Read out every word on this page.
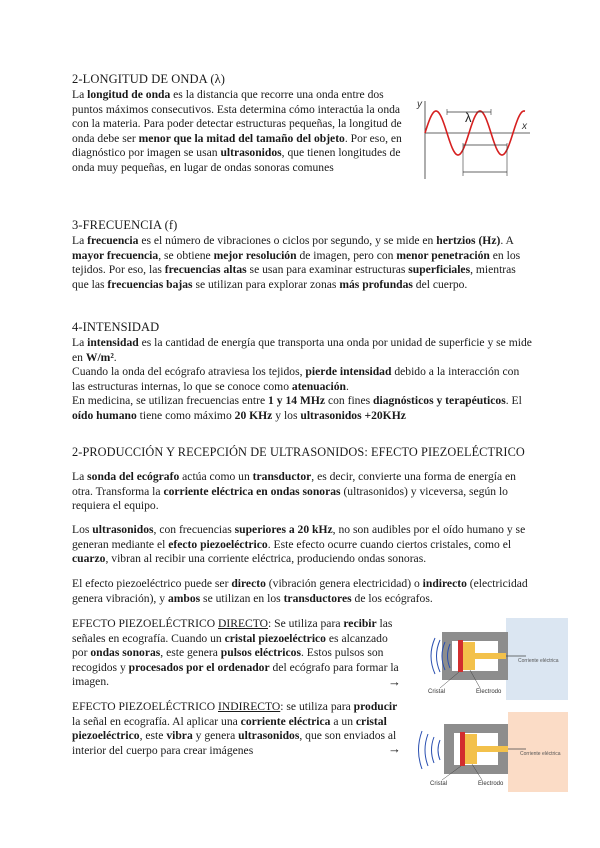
2-LONGITUD DE ONDA (λ)
La longitud de onda es la distancia que recorre una onda entre dos puntos máximos consecutivos. Esta determina cómo interactúa la onda con la materia. Para poder detectar estructuras pequeñas, la longitud de onda debe ser menor que la mitad del tamaño del objeto. Por eso, en diagnóstico por imagen se usan ultrasonidos, que tienen longitudes de onda muy pequeñas, en lugar de ondas sonoras comunes
y
x
λ
3-FRECUENCIA (f)
La frecuencia es el número de vibraciones o ciclos por segundo, y se mide en hertzios (Hz). A mayor frecuencia, se obtiene mejor resolución de imagen, pero con menor penetración en los tejidos. Por eso, las frecuencias altas se usan para examinar estructuras superficiales, mientras que las frecuencias bajas se utilizan para explorar zonas más profundas del cuerpo.
4-INTENSIDAD
La intensidad es la cantidad de energía que transporta una onda por unidad de superficie y se mide en W/m².
Cuando la onda del ecógrafo atraviesa los tejidos, pierde intensidad debido a la interacción con las estructuras internas, lo que se conoce como atenuación.
En medicina, se utilizan frecuencias entre 1 y 14 MHz con fines diagnósticos y terapéuticos. El oído humano tiene como máximo 20 KHz y los ultrasonidos +20KHz
2-PRODUCCIÓN Y RECEPCIÓN DE ULTRASONIDOS: EFECTO PIEZOELÉCTRICO
La sonda del ecógrafo actúa como un transductor, es decir, convierte una forma de energía en otra. Transforma la corriente eléctrica en ondas sonoras (ultrasonidos) y viceversa, según lo requiera el equipo.
Los ultrasonidos, con frecuencias superiores a 20 kHz, no son audibles por el oído humano y se generan mediante el efecto piezoeléctrico. Este efecto ocurre cuando ciertos cristales, como el cuarzo, vibran al recibir una corriente eléctrica, produciendo ondas sonoras.
El efecto piezoeléctrico puede ser directo (vibración genera electricidad) o indirecto (electricidad genera vibración), y ambos se utilizan en los transductores de los ecógrafos.
EFECTO PIEZOELÉCTRICO DIRECTO: Se utiliza para recibir las señales en ecografía. Cuando un cristal piezoeléctrico es alcanzado por ondas sonoras, este genera pulsos eléctricos. Estos pulsos son recogidos y procesados por el ordenador del ecógrafo para formar la imagen.	→
Corriente eléctrica
Cristal	Electrodo
EFECTO PIEZOELÉCTRICO INDIRECTO: se utiliza para producir la señal en ecografía. Al aplicar una corriente eléctrica a un cristal piezoeléctrico, este vibra y genera ultrasonidos, que son enviados al interior del cuerpo para crear imágenes	→	Corriente eléctrica
Cristal	Electrodo
